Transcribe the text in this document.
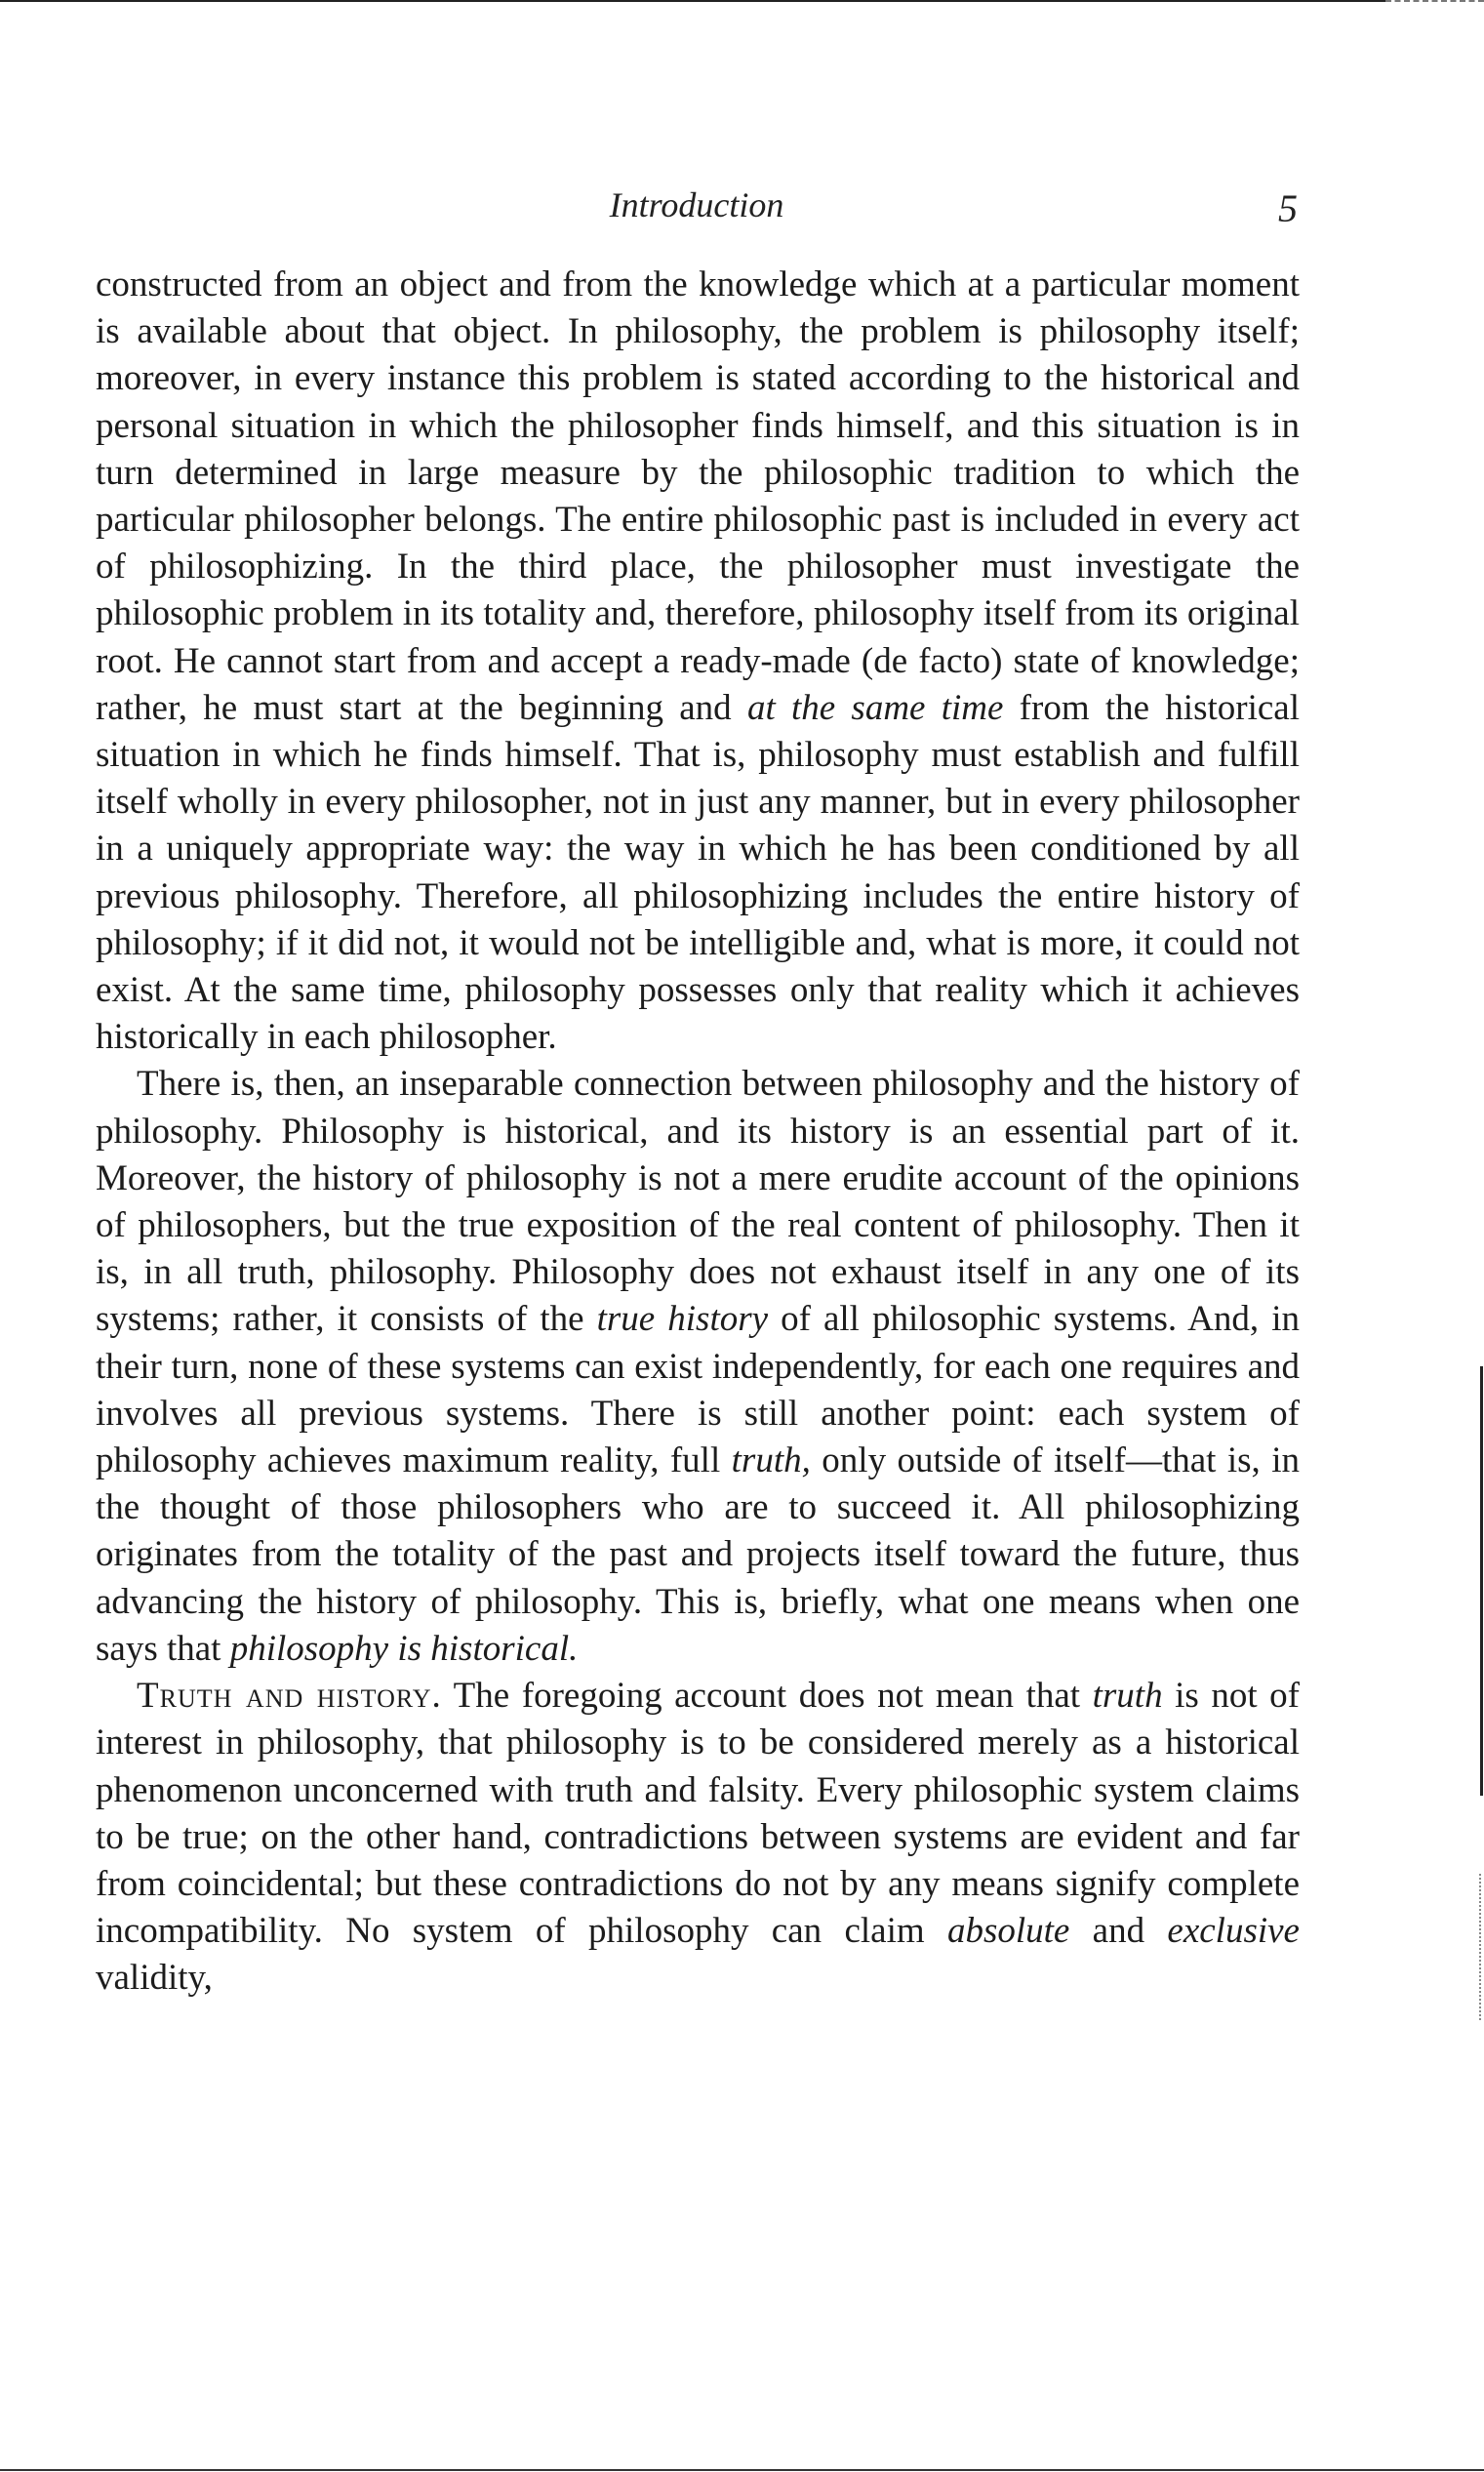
Introduction	5

constructed from an object and from the knowledge which at a particular moment is available about that object. In philosophy, the problem is philosophy itself; moreover, in every instance this problem is stated according to the historical and personal situation in which the philosopher finds himself, and this situation is in turn determined in large measure by the philosophic tradition to which the particular philosopher belongs. The entire philosophic past is included in every act of philosophizing. In the third place, the philosopher must investigate the philosophic problem in its totality and, therefore, philosophy itself from its original root. He cannot start from and accept a ready-made (de facto) state of knowledge; rather, he must start at the beginning and at the same time from the historical situation in which he finds himself. That is, philosophy must establish and fulfill itself wholly in every philosopher, not in just any manner, but in every philosopher in a uniquely appropriate way: the way in which he has been conditioned by all previous philosophy. Therefore, all philosophizing includes the entire history of philosophy; if it did not, it would not be intelligible and, what is more, it could not exist. At the same time, philosophy possesses only that reality which it achieves historically in each philosopher.

There is, then, an inseparable connection between philosophy and the history of philosophy. Philosophy is historical, and its history is an essential part of it. Moreover, the history of philosophy is not a mere erudite account of the opinions of philosophers, but the true exposition of the real content of philosophy. Then it is, in all truth, philosophy. Philosophy does not exhaust itself in any one of its systems; rather, it consists of the true history of all philosophic systems. And, in their turn, none of these systems can exist independently, for each one requires and involves all previous systems. There is still another point: each system of philosophy achieves maximum reality, full truth, only outside of itself—that is, in the thought of those philosophers who are to succeed it. All philosophizing originates from the totality of the past and projects itself toward the future, thus advancing the history of philosophy. This is, briefly, what one means when one says that philosophy is historical.

Truth and history. The foregoing account does not mean that truth is not of interest in philosophy, that philosophy is to be considered merely as a historical phenomenon unconcerned with truth and falsity. Every philosophic system claims to be true; on the other hand, contradictions between systems are evident and far from coincidental; but these contradictions do not by any means signify complete incompatibility. No system of philosophy can claim absolute and exclusive validity,
